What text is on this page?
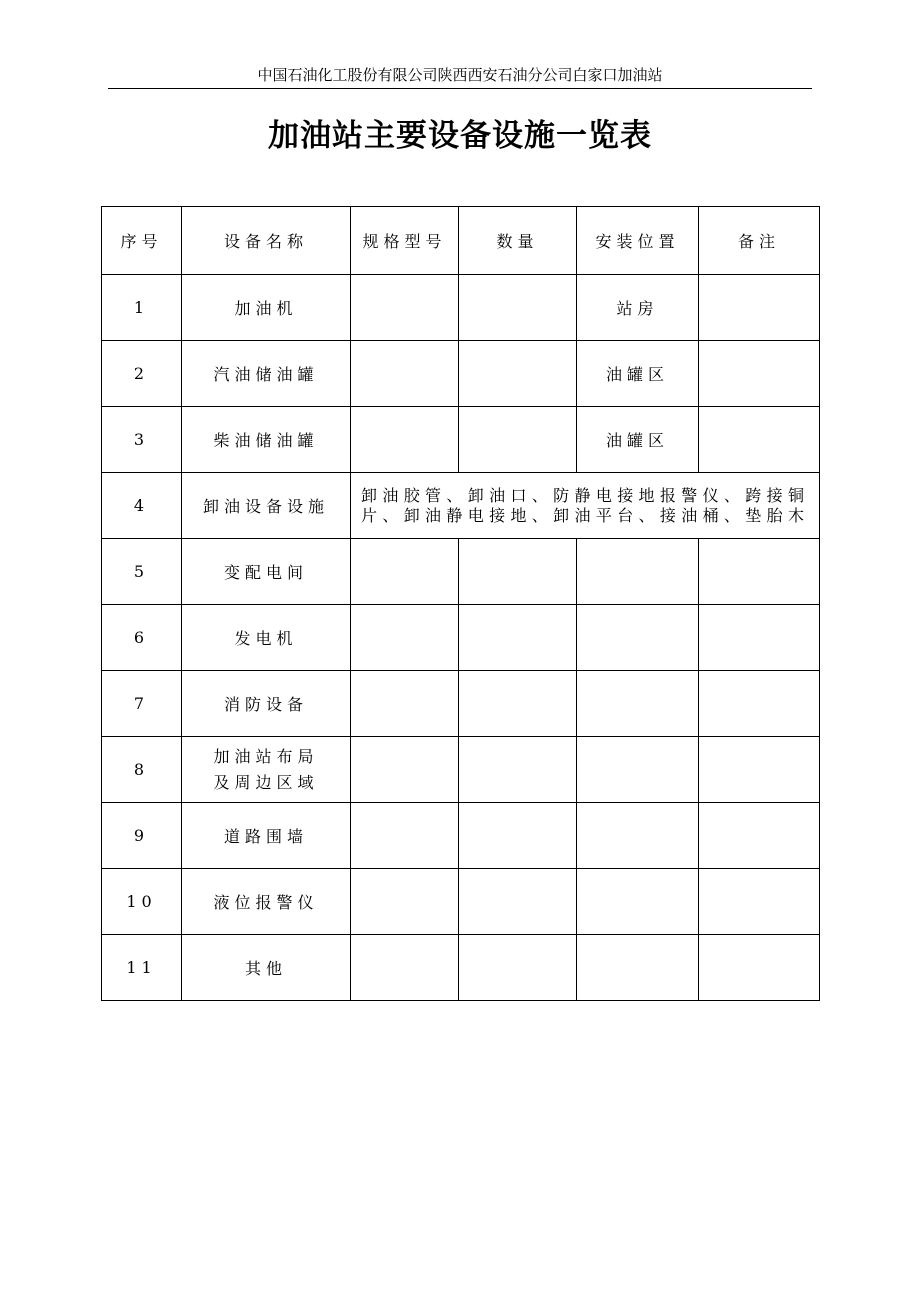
中国石油化工股份有限公司陕西西安石油分公司白家口加油站
加油站主要设备设施一览表
序号	设备名称	规格型号	数量	安装位置	备注
1	加油机			站房	
2	汽油储油罐			油罐区	
3	柴油储油罐			油罐区	
4	卸油设备设施	卸油胶管、卸油口、防静电接地报警仪、跨接铜
片、卸油静电接地、卸油平台、接油桶、垫胎木			

5	变配电间				
6	发电机				
7	消防设备				
8	加油站布局
及周边区域				

9	道路围墙				
10	液位报警仪				
11	其他				
